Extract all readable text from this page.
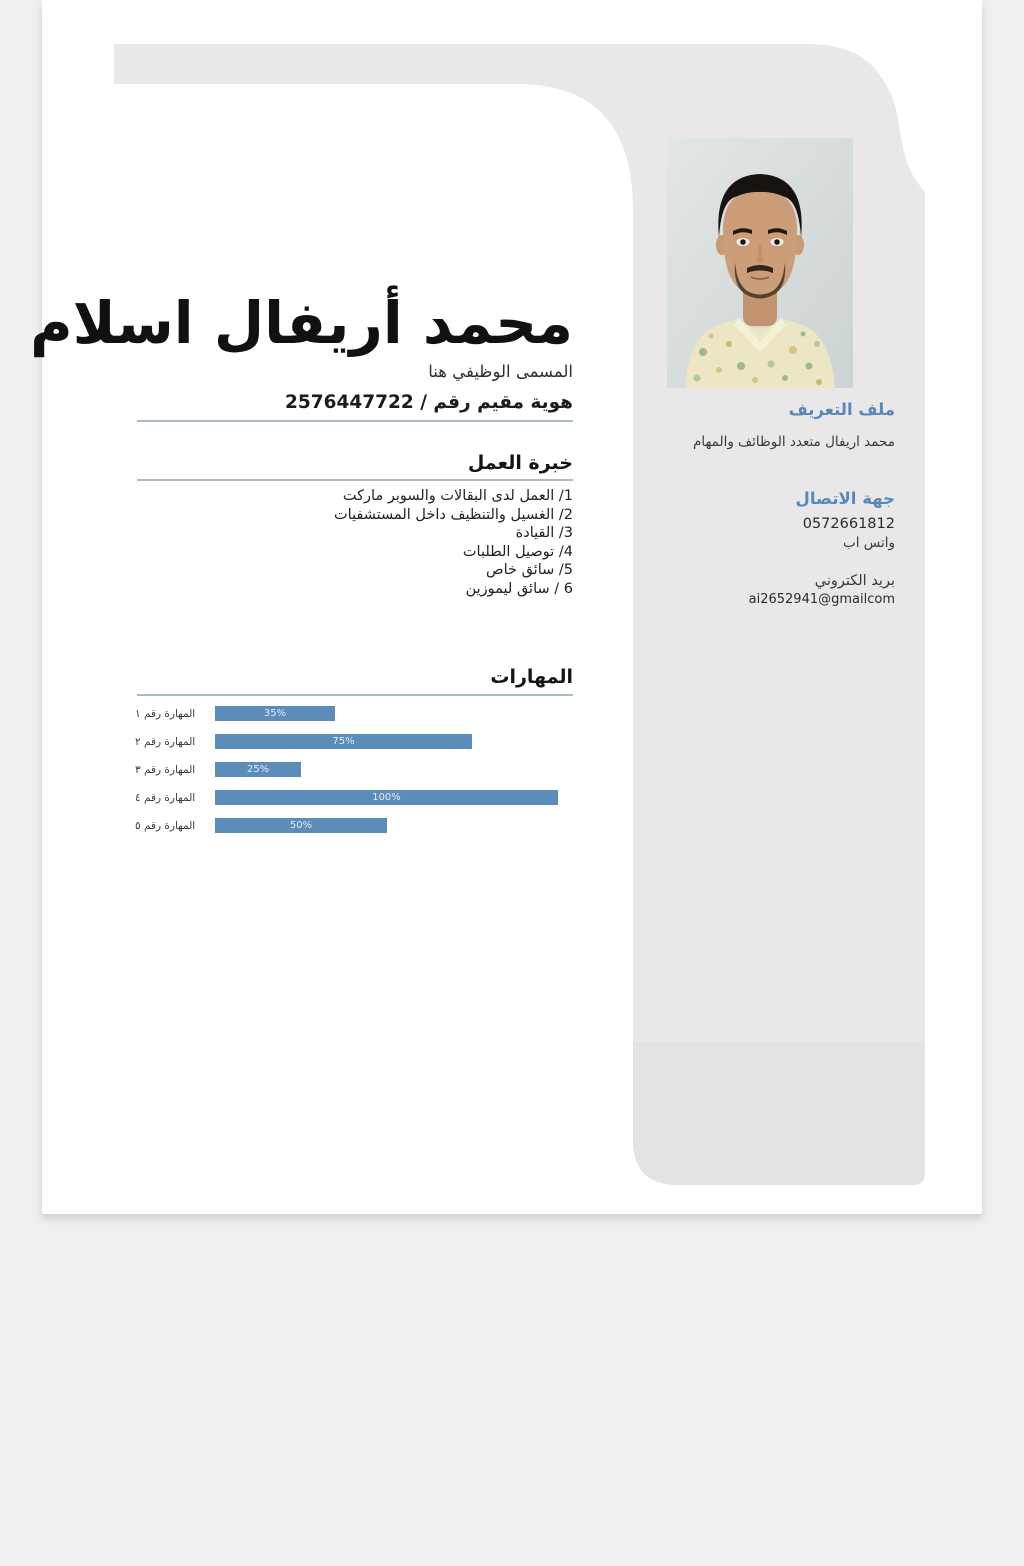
محمد أريفال اسلام
المسمى الوظيفي هنا
هوية مقيم رقم / 2576447722
خبرة العمل
1/ العمل لدى البقالات والسوبر ماركت
2/ الغسيل والتنظيف داخل المستشفيات
3/ القيادة
4/ توصيل الطلبات
5/ سائق خاص
6 / سائق ليموزين
المهارات
المهارة رقم ١	35%
المهارة رقم ٢	75%
المهارة رقم ٣	25%
المهارة رقم ٤	100%
المهارة رقم ٥	50%
ملف التعريف
محمد اريفال متعدد الوظائف والمهام
جهة الاتصال
0572661812
واتس اب
بريد الكتروني
ai2652941@gmailcom
